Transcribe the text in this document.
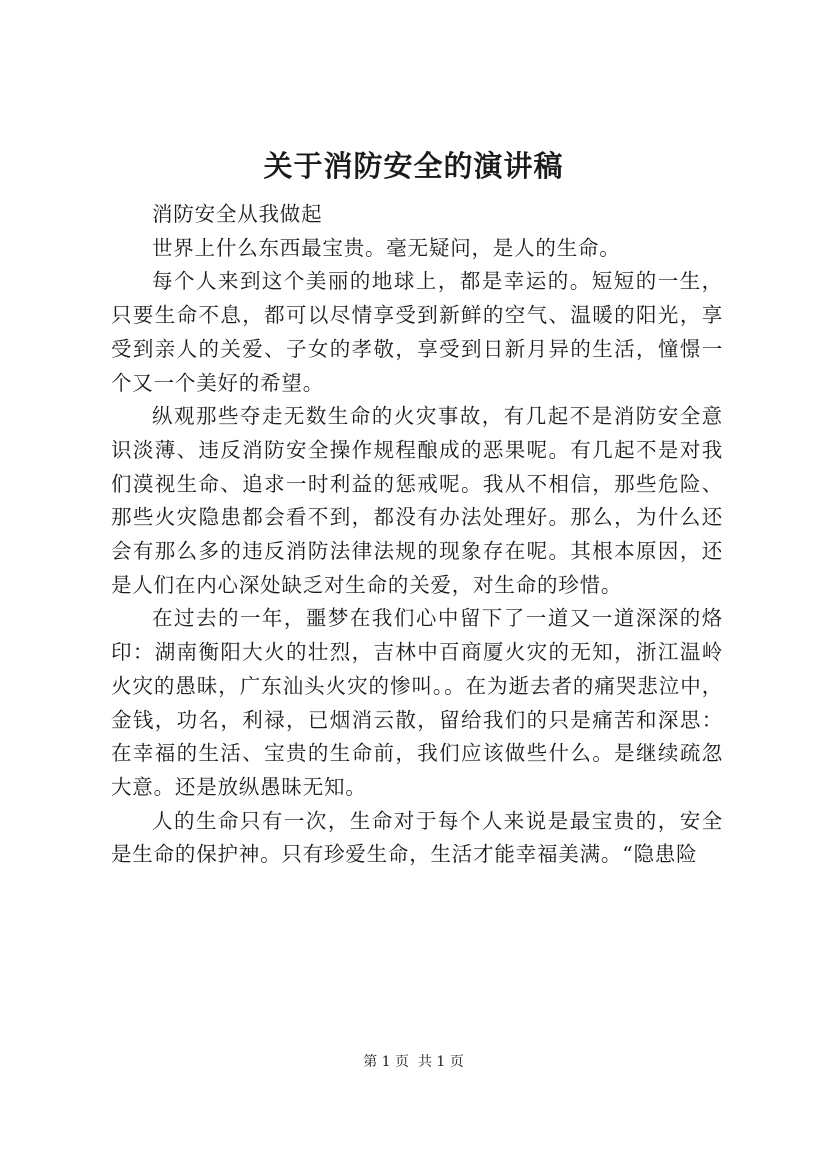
关于消防安全的演讲稿

消防安全从我做起

世界上什么东西最宝贵。毫无疑问，是人的生命。

每个人来到这个美丽的地球上，都是幸运的。短短的一生，只要生命不息，都可以尽情享受到新鲜的空气、温暖的阳光，享受到亲人的关爱、子女的孝敬，享受到日新月异的生活，憧憬一个又一个美好的希望。

纵观那些夺走无数生命的火灾事故，有几起不是消防安全意识淡薄、违反消防安全操作规程酿成的恶果呢。有几起不是对我们漠视生命、追求一时利益的惩戒呢。我从不相信，那些危险、那些火灾隐患都会看不到，都没有办法处理好。那么，为什么还会有那么多的违反消防法律法规的现象存在呢。其根本原因，还是人们在内心深处缺乏对生命的关爱，对生命的珍惜。

在过去的一年，噩梦在我们心中留下了一道又一道深深的烙印：湖南衡阳大火的壮烈，吉林中百商厦火灾的无知，浙江温岭火灾的愚昧，广东汕头火灾的惨叫。。在为逝去者的痛哭悲泣中，金钱，功名，利禄，已烟消云散，留给我们的只是痛苦和深思：在幸福的生活、宝贵的生命前，我们应该做些什么。是继续疏忽大意。还是放纵愚昧无知。

人的生命只有一次，生命对于每个人来说是最宝贵的，安全是生命的保护神。只有珍爱生命，生活才能幸福美满。“隐患险

第 1 页  共 1 页
